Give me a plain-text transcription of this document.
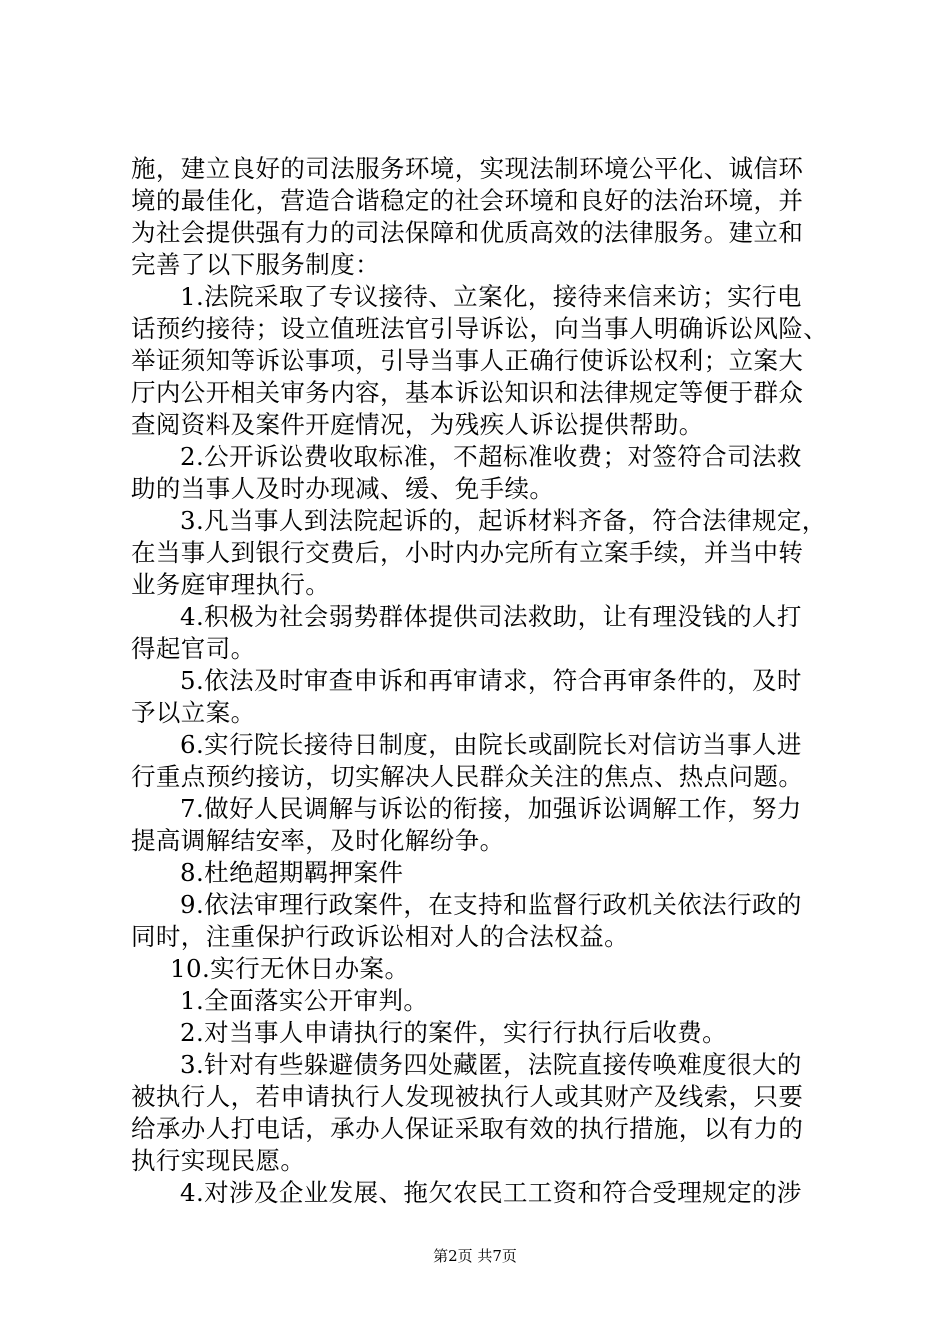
施，建立良好的司法服务环境，实现法制环境公平化、诚信环
境的最佳化，营造合谐稳定的社会环境和良好的法治环境，并
为社会提供强有力的司法保障和优质高效的法律服务。建立和
完善了以下服务制度：
1.法院采取了专议接待、立案化，接待来信来访；实行电
话预约接待；设立值班法官引导诉讼，向当事人明确诉讼风险、
举证须知等诉讼事项，引导当事人正确行使诉讼权利；立案大
厅内公开相关审务内容，基本诉讼知识和法律规定等便于群众
查阅资料及案件开庭情况，为残疾人诉讼提供帮助。
2.公开诉讼费收取标准，不超标准收费；对签符合司法救
助的当事人及时办现减、缓、免手续。
3.凡当事人到法院起诉的，起诉材料齐备，符合法律规定，
在当事人到银行交费后，小时内办完所有立案手续，并当中转
业务庭审理执行。
4.积极为社会弱势群体提供司法救助，让有理没钱的人打
得起官司。
5.依法及时审查申诉和再审请求，符合再审条件的，及时
予以立案。
6.实行院长接待日制度，由院长或副院长对信访当事人进
行重点预约接访，切实解决人民群众关注的焦点、热点问题。
7.做好人民调解与诉讼的衔接，加强诉讼调解工作，努力
提高调解结安率，及时化解纷争。
8.杜绝超期羁押案件
9.依法审理行政案件，在支持和监督行政机关依法行政的
同时，注重保护行政诉讼相对人的合法权益。
10.实行无休日办案。
1.全面落实公开审判。
2.对当事人申请执行的案件，实行行执行后收费。
3.针对有些躲避债务四处藏匿，法院直接传唤难度很大的
被执行人，若申请执行人发现被执行人或其财产及线索，只要
给承办人打电话，承办人保证采取有效的执行措施，以有力的
执行实现民愿。
4.对涉及企业发展、拖欠农民工工资和符合受理规定的涉
第2页 共7页
